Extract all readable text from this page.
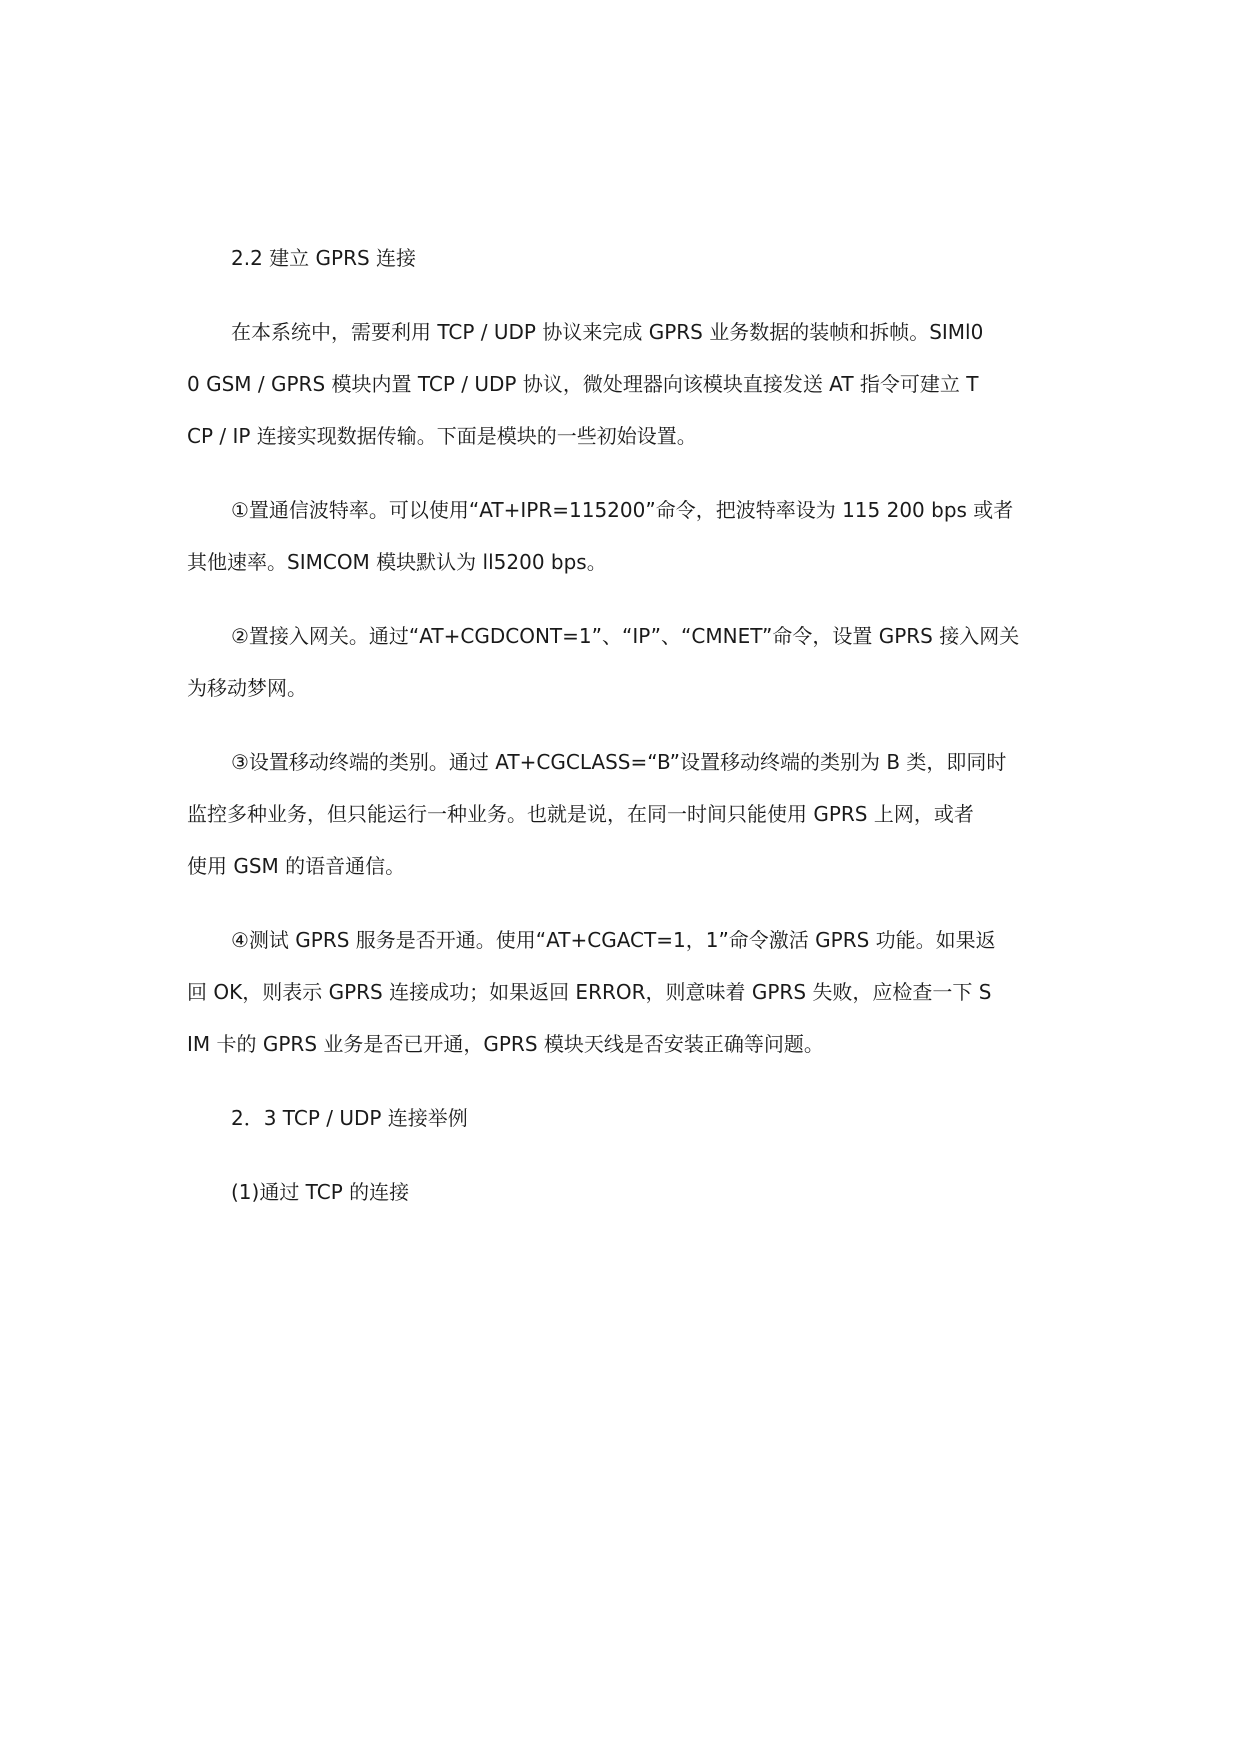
2.2 建立 GPRS 连接
在本系统中，需要利用 TCP / UDP 协议来完成 GPRS 业务数据的装帧和拆帧。SIMl0
0 GSM / GPRS 模块内置 TCP / UDP 协议，微处理器向该模块直接发送 AT 指令可建立 T
CP / IP 连接实现数据传输。下面是模块的一些初始设置。
①置通信波特率。可以使用“AT+IPR=115200”命令，把波特率设为 115 200 bps 或者
其他速率。SIMCOM 模块默认为 ll5200 bps。
②置接入网关。通过“AT+CGDCONT=1”、“IP”、“CMNET”命令，设置 GPRS 接入网关
为移动梦网。
③设置移动终端的类别。通过 AT+CGCLASS=“B”设置移动终端的类别为 B 类，即同时
监控多种业务，但只能运行一种业务。也就是说，在同一时间只能使用 GPRS 上网，或者
使用 GSM 的语音通信。
④测试 GPRS 服务是否开通。使用“AT+CGACT=1，1”命令激活 GPRS 功能。如果返
回 OK，则表示 GPRS 连接成功；如果返回 ERROR，则意味着 GPRS 失败，应检查一下 S
IM 卡的 GPRS 业务是否已开通，GPRS 模块天线是否安装正确等问题。
2．3 TCP / UDP 连接举例
(1)通过 TCP 的连接
